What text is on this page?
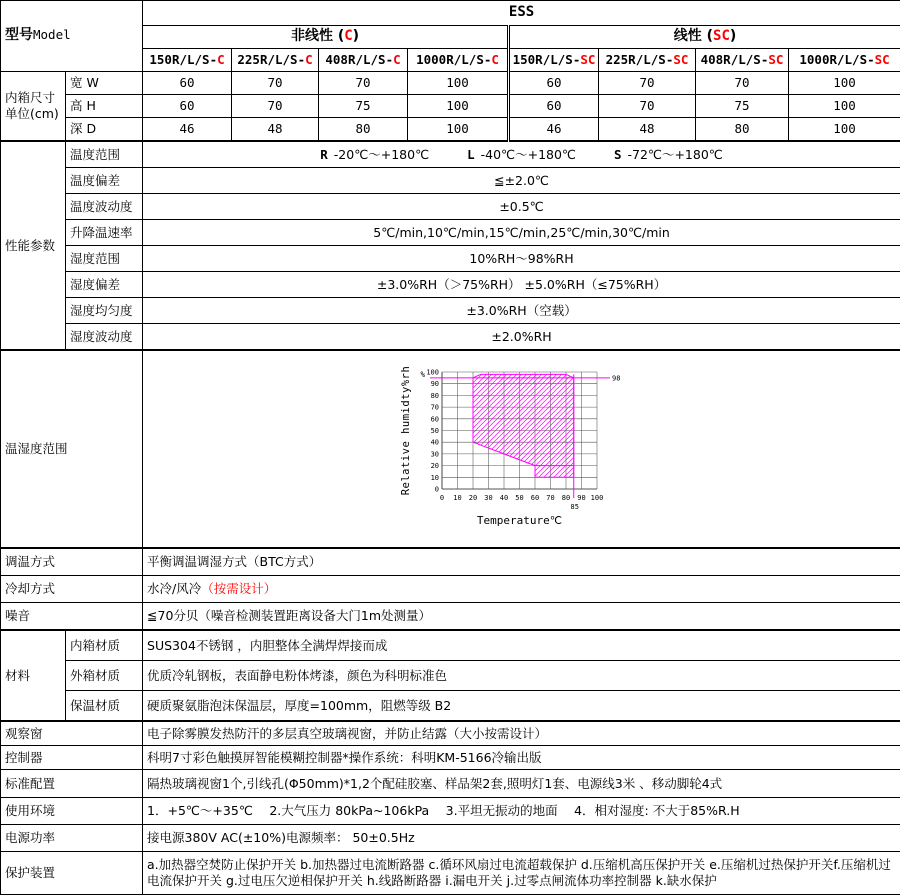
型号Model		ESS							
		非线性 (C)				线性 (SC)			
		150R/L/S-C	225R/L/S-C	408R/L/S-C	1000R/L/S-C	150R/L/S-SC	225R/L/S-SC	408R/L/S-SC	1000R/L/S-SC

内箱尺寸
单位(cm)	宽 W	60	70	70	100	60	70	70	100
	高 H	60	70	75	100	60	70	75	100
	深 D	46	48	80	100	46	48	80	100
性能参数	温度范围	R -20℃～+180℃ L -40℃～+180℃ S -72℃～+180℃							

	温度偏差	≦±2.0℃							
	温度波动度	±0.5℃							
	升降温速率	5℃/min,10℃/min,15℃/min,25℃/min,30℃/min							
	湿度范围	10%RH～98%RH							
	湿度偏差	±3.0%RH（＞75%RH） ±5.0%RH（≤75%RH）							
	湿度均匀度	±3.0%RH（空载）							
	湿度波动度	±2.0%RH							
温湿度范围	
0 10 20 30 40 50 60 70 80 90 100
0
10
20
30
40
50
60
70
80
90
100
%	98
85
Temperature℃
Relative humidty%rh

调温方式		平衡调温调湿方式（BTC方式）							
冷却方式		水冷/风冷（按需设计）							
噪音		≦70分贝（噪音检测装置距离设备大门1m处测量）							
材料	内箱材质	SUS304不锈钢 ，内胆整体全满焊焊接而成							
	外箱材质	优质冷轧钢板，表面静电粉体烤漆，颜色为科明标准色							
	保温材质	硬质聚氨脂泡沫保温层，厚度=100mm，阻燃等级 B2							
观察窗		电子除雾膜发热防汗的多层真空玻璃视窗，并防止结露（大小按需设计）							
控制器		科明7寸彩色触摸屏智能模糊控制器*操作系统：科明KM-5166冷输出版							
标准配置		隔热玻璃视窗1个,引线孔(Φ50mm)*1,2个配硅胶塞、样品架2套,照明灯1套、电源线3米 、移动脚轮4式							
使用环境		1．+5℃～+35℃　 2.大气压力 80kPa~106kPa　 3.平坦无振动的地面　 4．相对湿度: 不大于85%R.H							
电源功率		接电源380V AC(±10%)电源频率： 50±0.5Hz							
保护装置		a.加热器空焚防止保护开关 b.加热器过电流断路器 c.循环风扇过电流超载保护 d.压缩机高压保护开关 e.压缩机过热保护开关f.压缩机过电流保护开关 g.过电压欠逆相保护开关 h.线路断路器 i.漏电开关 j.过零点闸流体功率控制器 k.缺水保护							
